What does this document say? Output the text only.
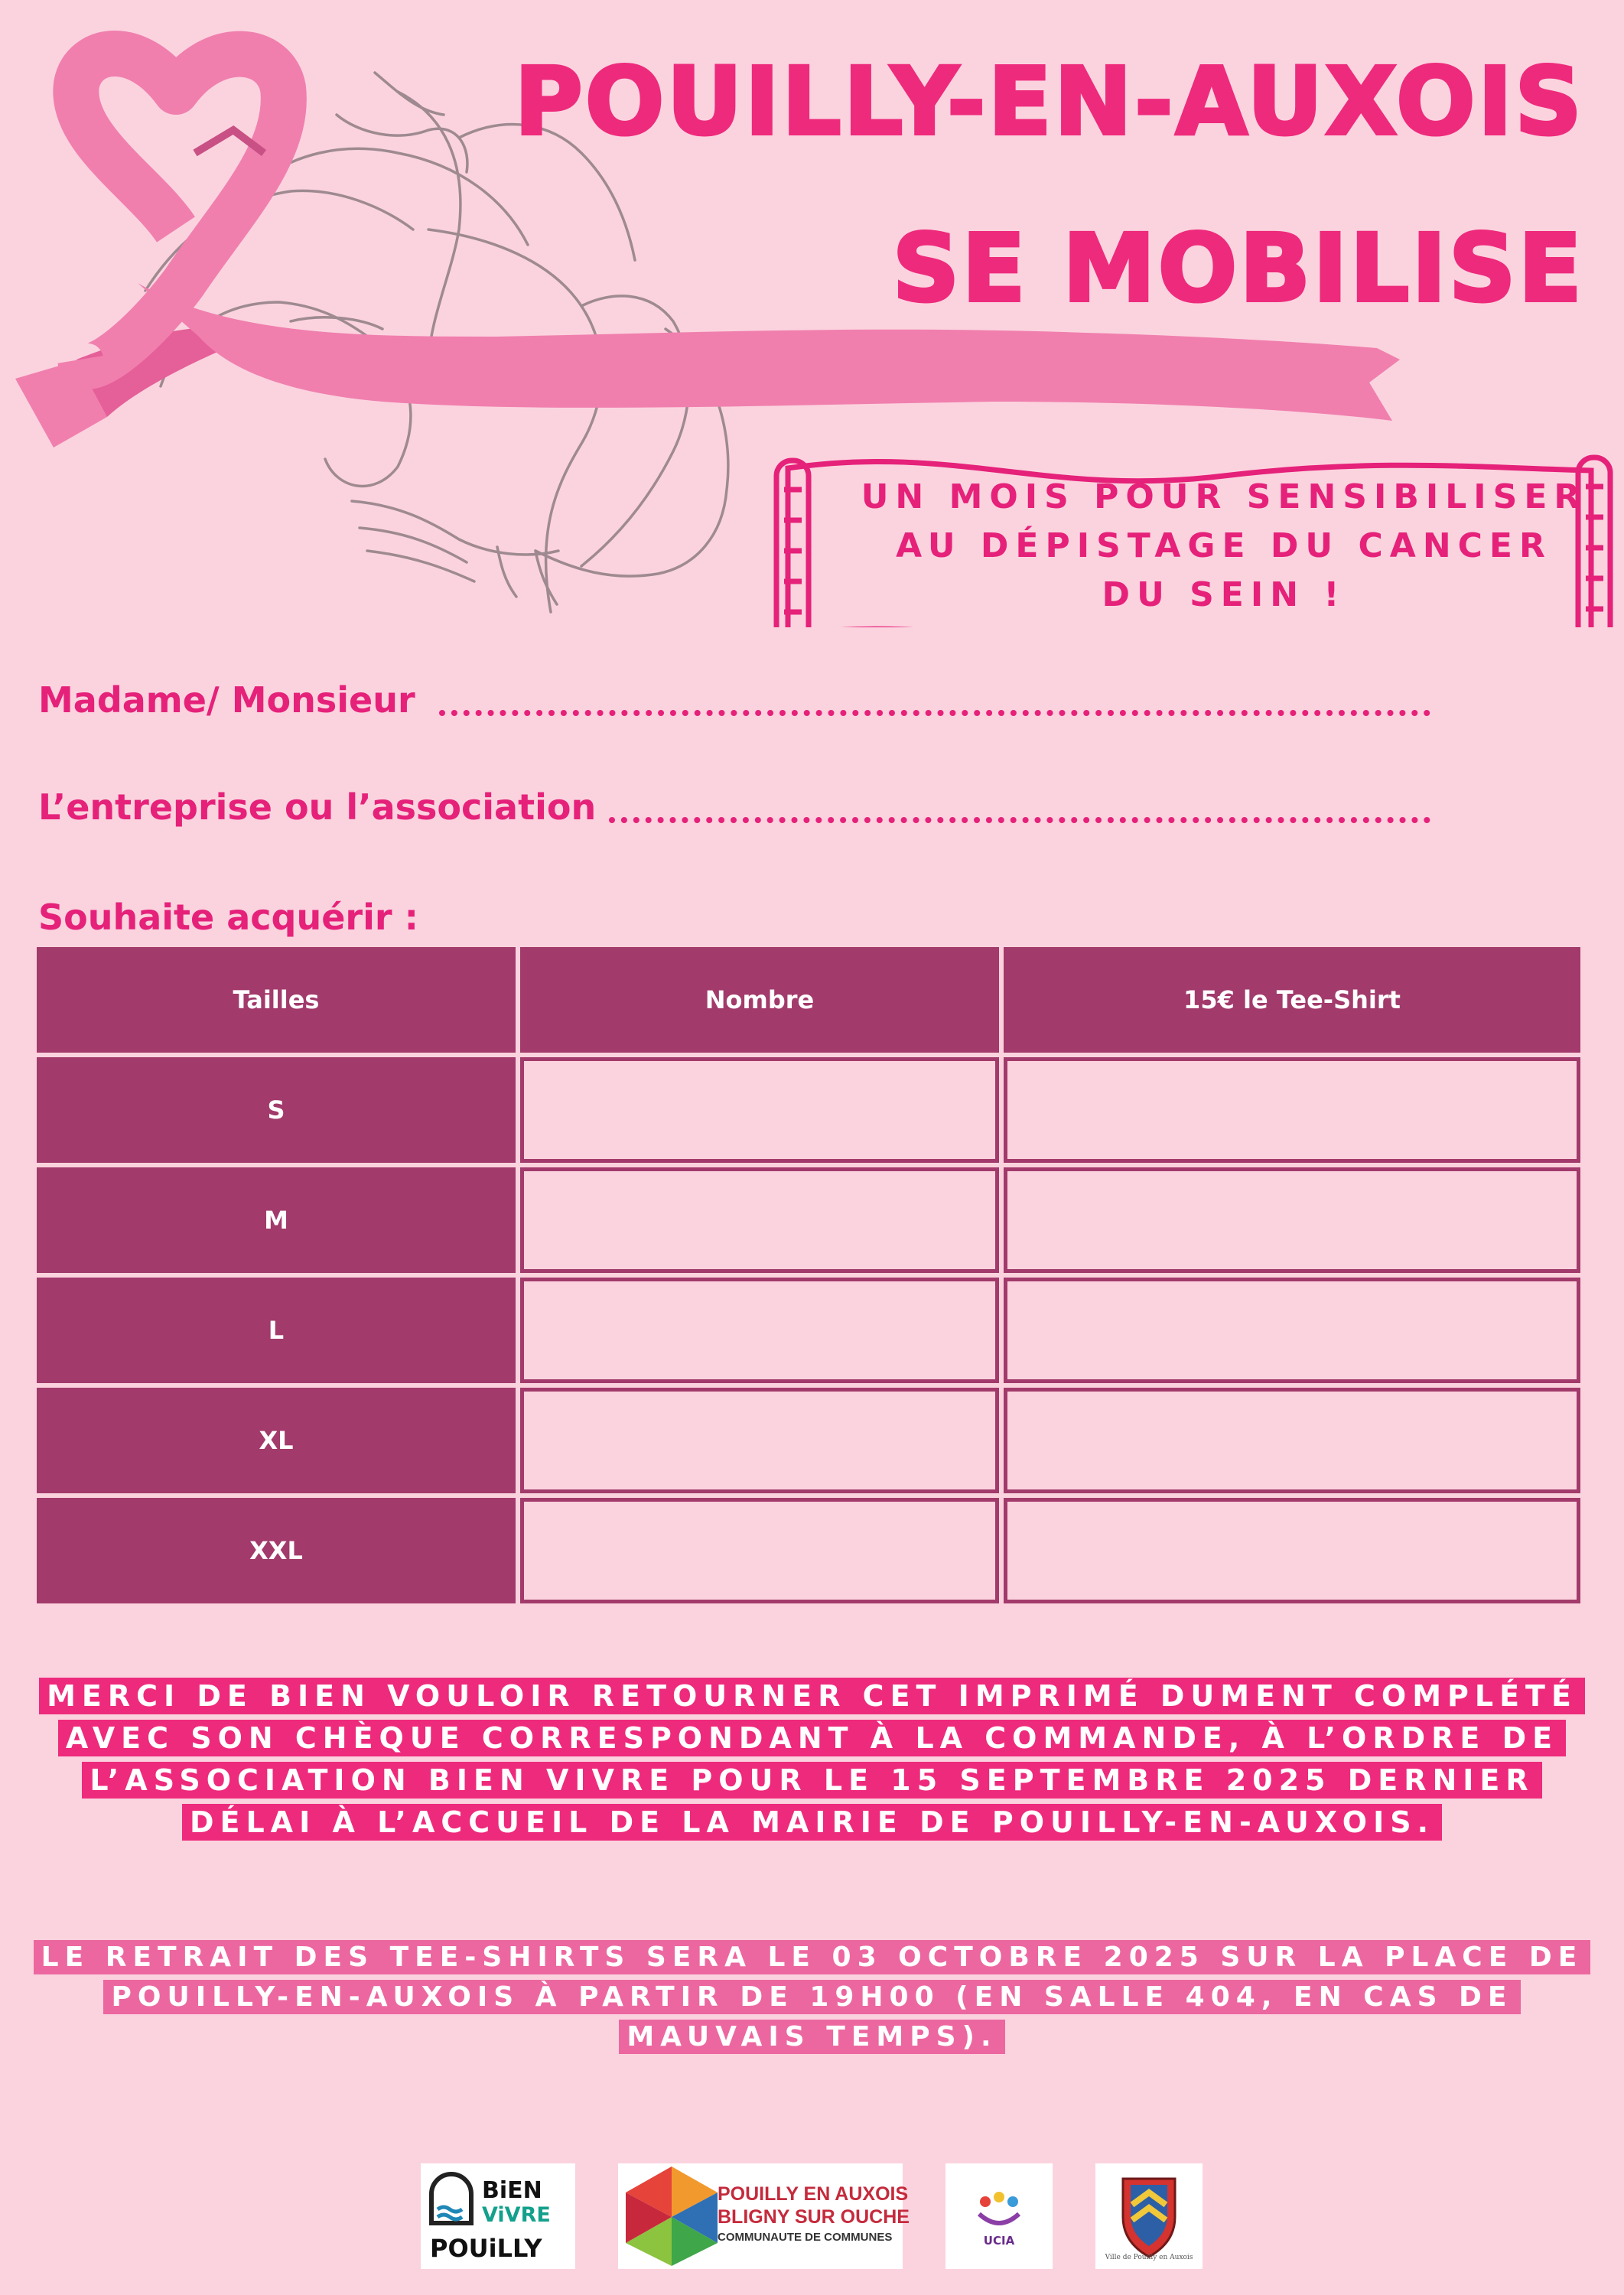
POUILLY-EN-AUXOIS
SE MOBILISE
UN MOIS POUR SENSIBILISER
AU DÉPISTAGE DU CANCER
DU SEIN !
Madame/ Monsieur
L’entreprise ou l’association
Souhaite acquérir :
Tailles	Nombre	15€ le Tee-Shirt
S
M
L
XL
XXL
MERCI DE BIEN VOULOIR RETOURNER CET IMPRIMÉ DUMENT COMPLÉTÉ AVEC SON CHÈQUE CORRESPONDANT À LA COMMANDE, À L’ORDRE DE L’ASSOCIATION BIEN VIVRE POUR LE 15 SEPTEMBRE 2025 DERNIER DÉLAI À L’ACCUEIL DE LA MAIRIE DE POUILLY-EN-AUXOIS.
LE RETRAIT DES TEE-SHIRTS SERA LE 03 OCTOBRE 2025 SUR LA PLACE DE POUILLY-EN-AUXOIS À PARTIR DE 19H00 (EN SALLE 404, EN CAS DE MAUVAIS TEMPS).
BiEN
ViVRE
POUiLLY
POUILLY EN AUXOIS
BLIGNY SUR OUCHE
COMMUNAUTE DE COMMUNES	UCIA
Ville de Pouilly en Auxois
